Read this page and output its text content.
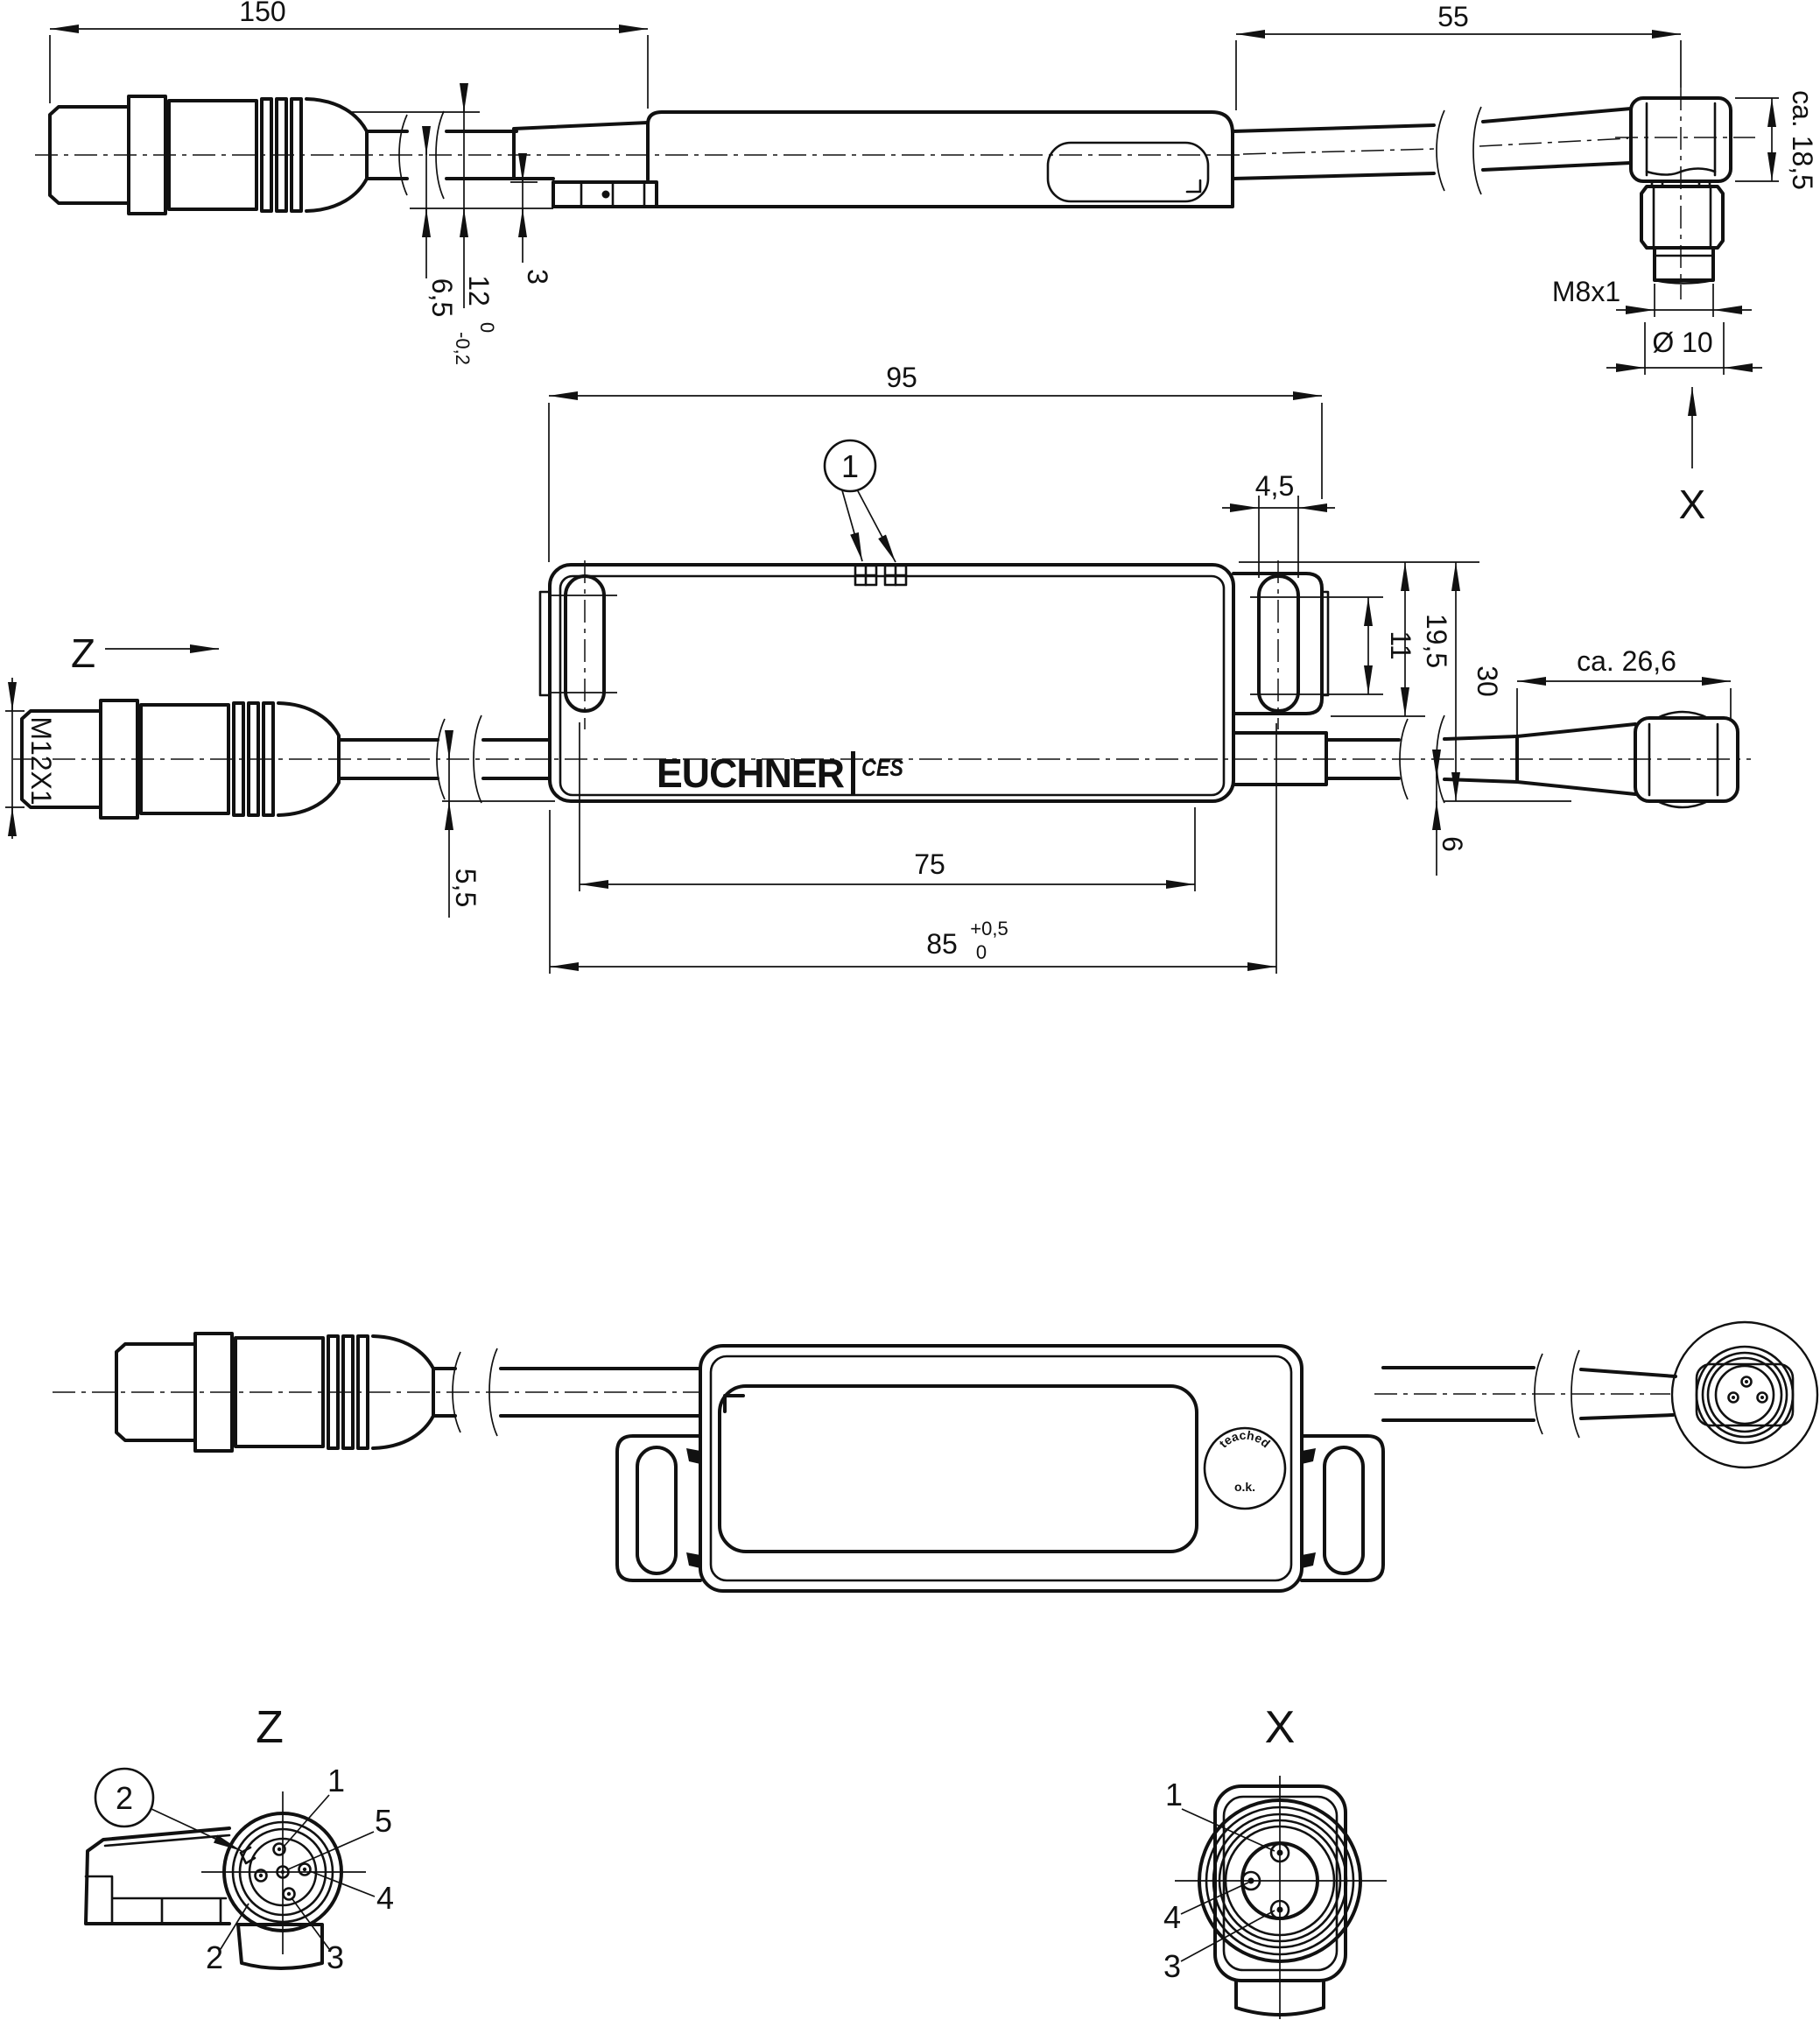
150	55
6,5 12
0
-0,2
3
ca. 18,5
M8x1
Ø 10
X
Z
M12X1	EUCHNER CES
1
95
4,5
11 19,5
30
6
ca. 26,6
5,5
75
85 +0,5
0
teached
o.k.
Z
2	1
5
4
3
2
X
1
4
3
